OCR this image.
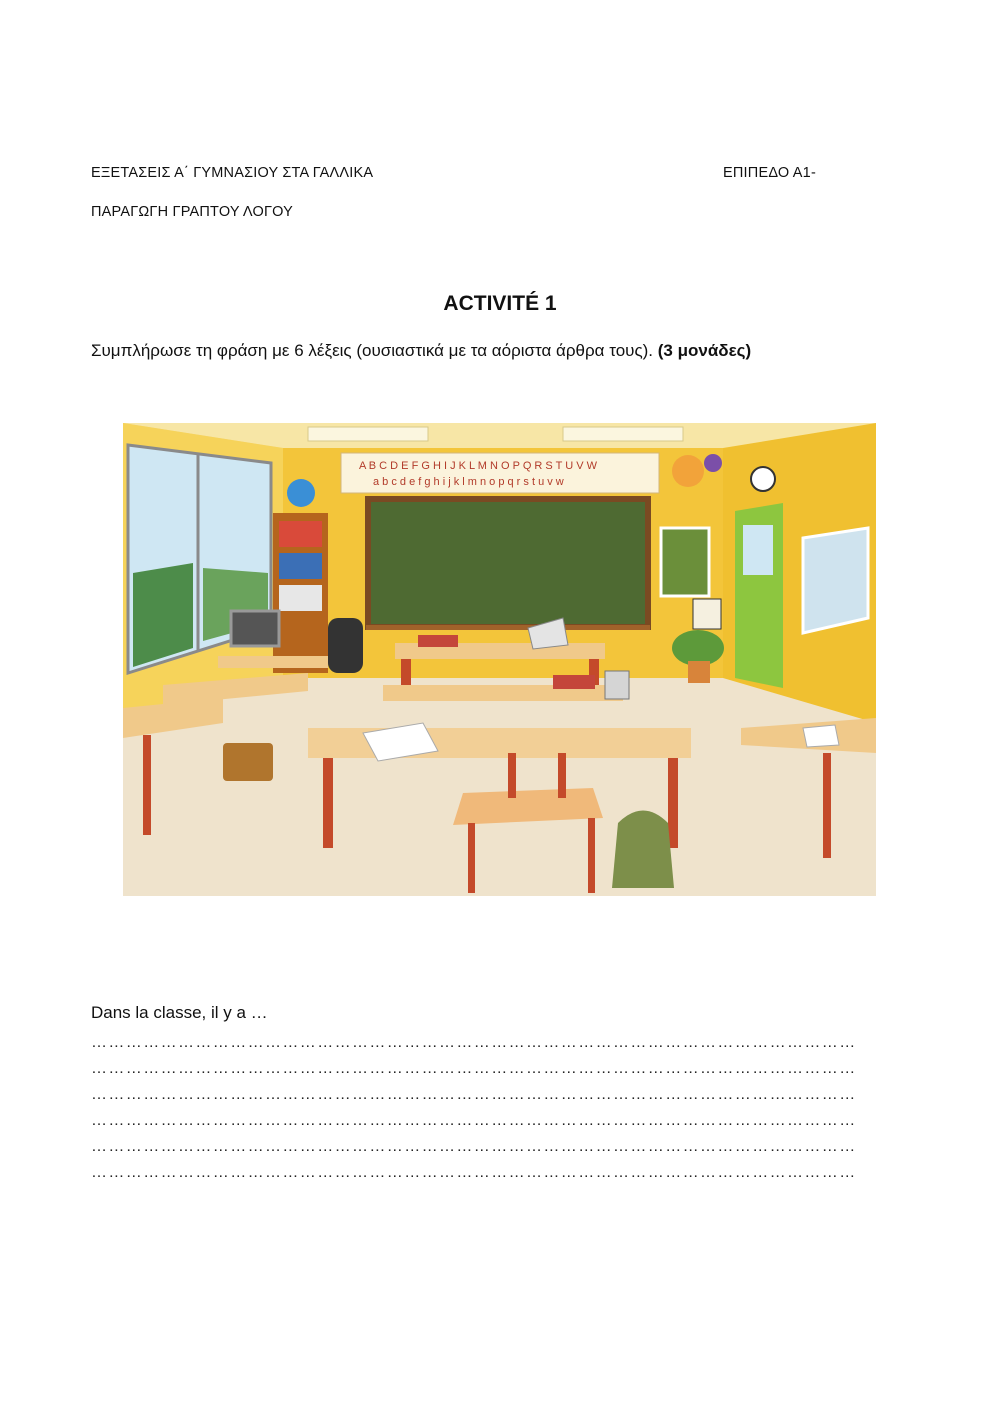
ΕΞΕΤΑΣΕΙΣ Α΄ ΓΥΜΝΑΣΙΟΥ ΣΤΑ ΓΑΛΛΙΚΑ	ΕΠΙΠΕΔΟ Α1-
ΠΑΡΑΓΩΓΗ ΓΡΑΠΤΟΥ ΛΟΓΟΥ
ACTIVITÉ 1
Συμπλήρωσε τη φράση με 6 λέξεις (ουσιαστικά με τα αόριστα άρθρα τους). (3 μονάδες)
A B C D E F G H I J K L M N O P Q R S T U V W
a b c d e f g h i j k l m n o p q r s t u v w
Dans la classe, il y a …
……………………………………………………………………………………………………………………
……………………………………………………………………………………………………………………
……………………………………………………………………………………………………………………
……………………………………………………………………………………………………………………
……………………………………………………………………………………………………………………
……………………………………………………………………………………………………………………
